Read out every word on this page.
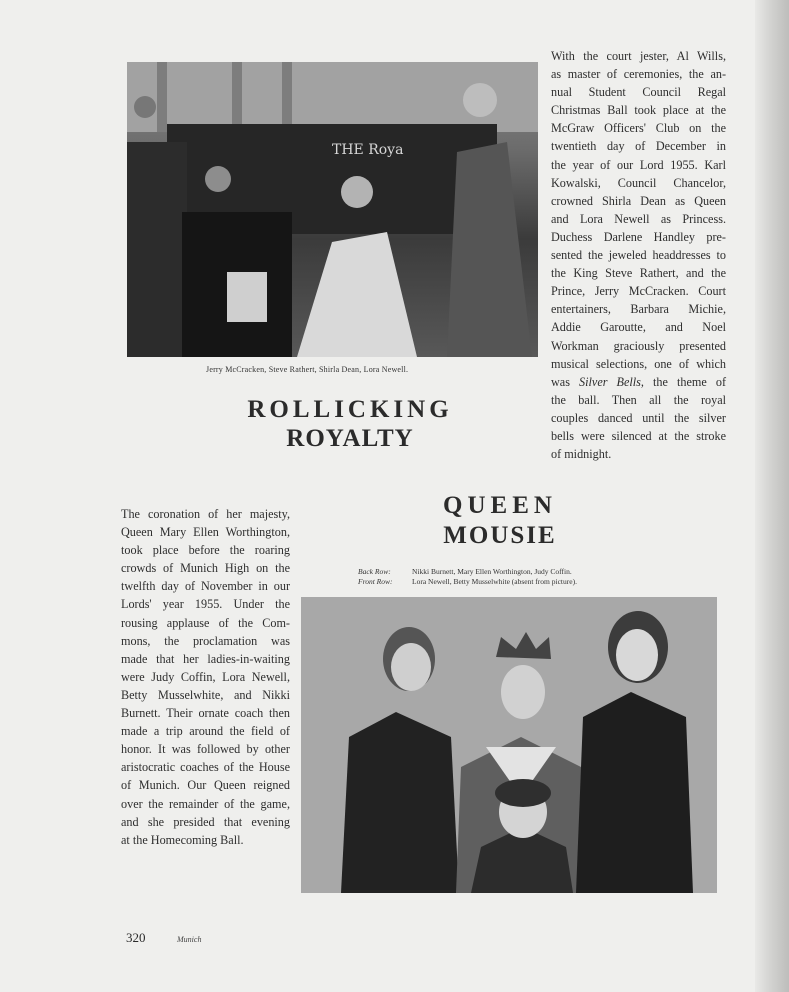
THE Roya
Jerry McCracken, Steve Rathert, Shirla Dean, Lora Newell.
ROLLICKING
ROYALTY
With the court jester, Al Wills,
as master of ceremonies, the an-
nual Student Council Regal
Christmas Ball took place at the
McGraw Officers' Club on the
twentieth day of December in
the year of our Lord 1955. Karl
Kowalski, Council Chancelor,
crowned Shirla Dean as Queen
and Lora Newell as Princess.
Duchess Darlene Handley pre-
sented the jeweled headdresses to
the King Steve Rathert, and the
Prince, Jerry McCracken. Court
entertainers, Barbara Michie,
Addie Garoutte, and Noel
Workman graciously presented
musical selections, one of which
was Silver Bells, the theme of
the ball. Then all the royal
couples danced until the silver
bells were silenced at the stroke
of midnight.
QUEEN
MOUSIE
Back Row:	Nikki Burnett, Mary Ellen Worthington, Judy Coffin.
Front Row:	Lora Newell, Betty Musselwhite (absent from picture).
The coronation of her majesty,
Queen Mary Ellen Worthington,
took place before the roaring
crowds of Munich High on the
twelfth day of November in our
Lords' year 1955. Under the
rousing applause of the Com-
mons, the proclamation was
made that her ladies-in-waiting
were Judy Coffin, Lora Newell,
Betty Musselwhite, and Nikki
Burnett. Their ornate coach then
made a trip around the field of
honor. It was followed by other
aristocratic coaches of the House
of Munich. Our Queen reigned
over the remainder of the game,
and she presided that evening
at the Homecoming Ball.
320	Munich
